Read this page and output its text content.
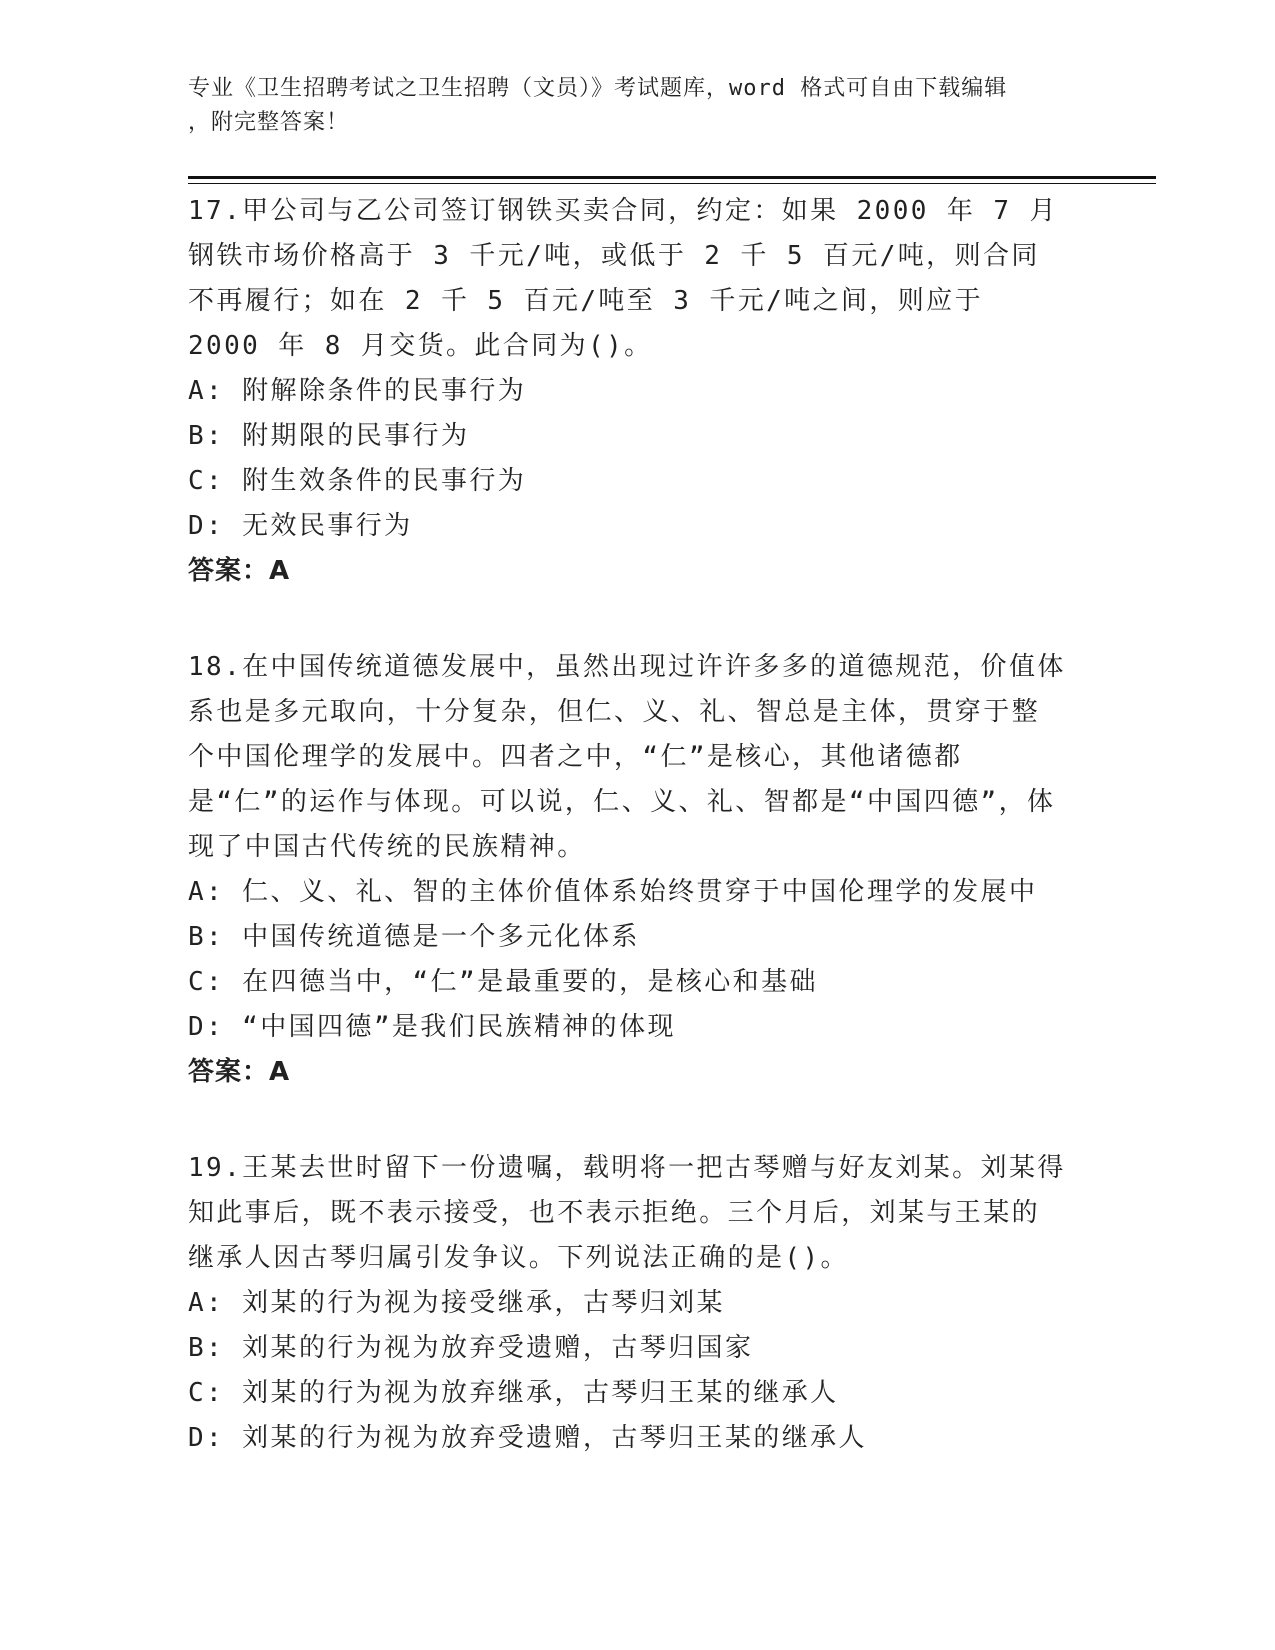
专业《卫生招聘考试之卫生招聘（文员）》考试题库，word 格式可自由下载编辑
，附完整答案！

17.甲公司与乙公司签订钢铁买卖合同，约定：如果 2000 年 7 月钢铁市场价格高于 3 千元/吨，或低于 2 千 5 百元/吨，则合同不再履行；如在 2 千 5 百元/吨至 3 千元/吨之间，则应于 2000 年 8 月交货。此合同为()。

A: 附解除条件的民事行为

B: 附期限的民事行为

C: 附生效条件的民事行为

D: 无效民事行为

答案：A

18.在中国传统道德发展中，虽然出现过许许多多的道德规范，价值体系也是多元取向，十分复杂，但仁、义、礼、智总是主体，贯穿于整个中国伦理学的发展中。四者之中，“仁”是核心，其他诸德都是“仁”的运作与体现。可以说，仁、义、礼、智都是“中国四德”，体现了中国古代传统的民族精神。

A: 仁、义、礼、智的主体价值体系始终贯穿于中国伦理学的发展中

B: 中国传统道德是一个多元化体系

C: 在四德当中，“仁”是最重要的，是核心和基础

D: “中国四德”是我们民族精神的体现

答案：A

19.王某去世时留下一份遗嘱，载明将一把古琴赠与好友刘某。刘某得知此事后，既不表示接受，也不表示拒绝。三个月后，刘某与王某的继承人因古琴归属引发争议。下列说法正确的是()。

A: 刘某的行为视为接受继承，古琴归刘某

B: 刘某的行为视为放弃受遗赠，古琴归国家

C: 刘某的行为视为放弃继承，古琴归王某的继承人

D: 刘某的行为视为放弃受遗赠，古琴归王某的继承人
